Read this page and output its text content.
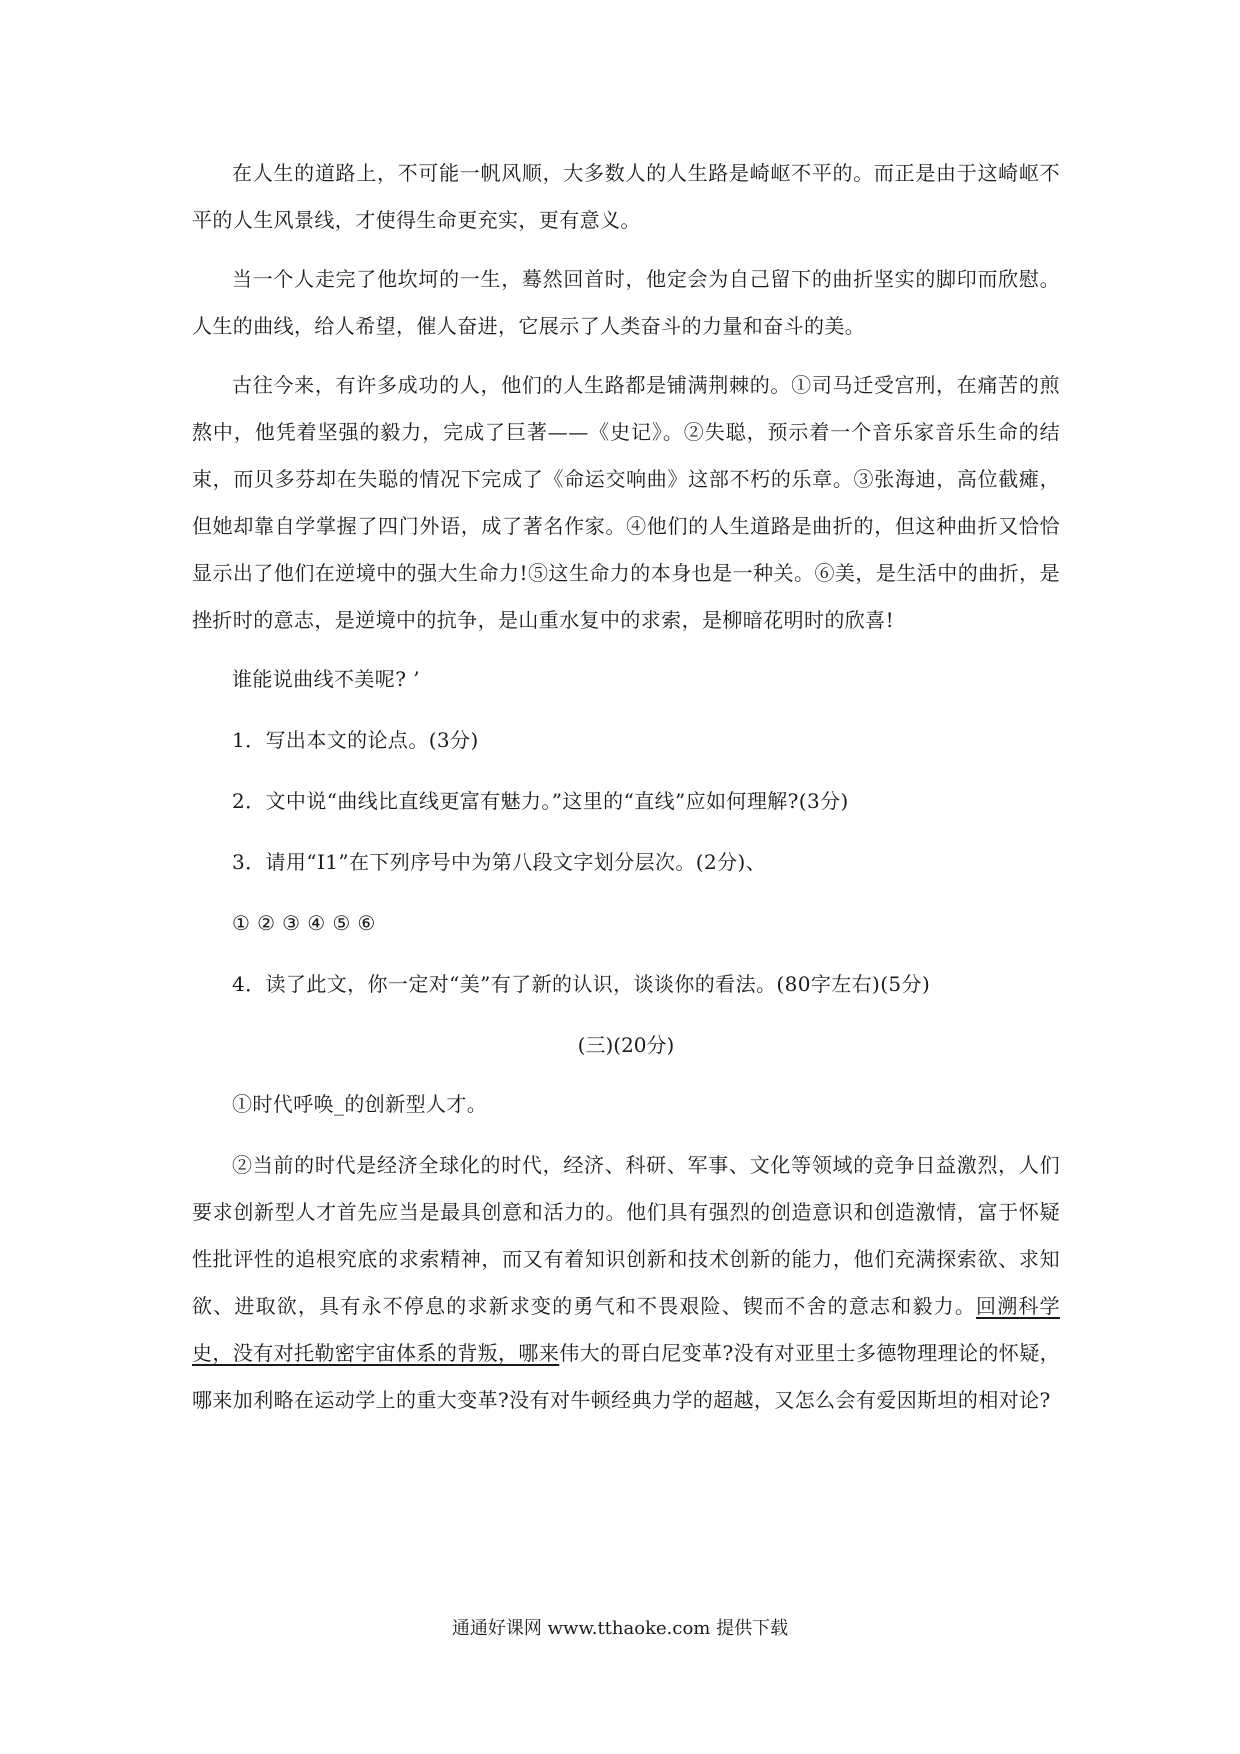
在人生的道路上，不可能一帆风顺，大多数人的人生路是崎岖不平的。而正是由于这崎岖不平的人生风景线，才使得生命更充实，更有意义。

当一个人走完了他坎坷的一生，蓦然回首时，他定会为自己留下的曲折坚实的脚印而欣慰。人生的曲线，给人希望，催人奋进，它展示了人类奋斗的力量和奋斗的美。

古往今来，有许多成功的人，他们的人生路都是铺满荆棘的。①司马迁受宫刑，在痛苦的煎熬中，他凭着坚强的毅力，完成了巨著——《史记》。②失聪，预示着一个音乐家音乐生命的结束，而贝多芬却在失聪的情况下完成了《命运交响曲》这部不朽的乐章。③张海迪，高位截瘫，但她却靠自学掌握了四门外语，成了著名作家。④他们的人生道路是曲折的，但这种曲折又恰恰显示出了他们在逆境中的强大生命力!⑤这生命力的本身也是一种关。⑥美，是生活中的曲折，是挫折时的意志，是逆境中的抗争，是山重水复中的求索，是柳暗花明时的欣喜!

谁能说曲线不美呢? ’

1．写出本文的论点。(3分)

2．文中说“曲线比直线更富有魅力。”这里的“直线”应如何理解?(3分)

3．请用“I1”在下列序号中为第八段文字划分层次。(2分)、

① ② ③ ④ ⑤ ⑥

4．读了此文，你一定对“美”有了新的认识，谈谈你的看法。(80字左右)(5分)

(三)(20分)

①时代呼唤_的创新型人才。

②当前的时代是经济全球化的时代，经济、科研、军事、文化等领域的竞争日益激烈，人们要求创新型人才首先应当是最具创意和活力的。他们具有强烈的创造意识和创造激情，富于怀疑性批评性的追根究底的求索精神，而又有着知识创新和技术创新的能力，他们充满探索欲、求知欲、进取欲，具有永不停息的求新求变的勇气和不畏艰险、锲而不舍的意志和毅力。回溯科学史，没有对托勒密宇宙体系的背叛，哪来伟大的哥白尼变革?没有对亚里士多德物理理论的怀疑，哪来加利略在运动学上的重大变革?没有对牛顿经典力学的超越，又怎么会有爱因斯坦的相对论?

通通好课网 www.tthaoke.com 提供下载
